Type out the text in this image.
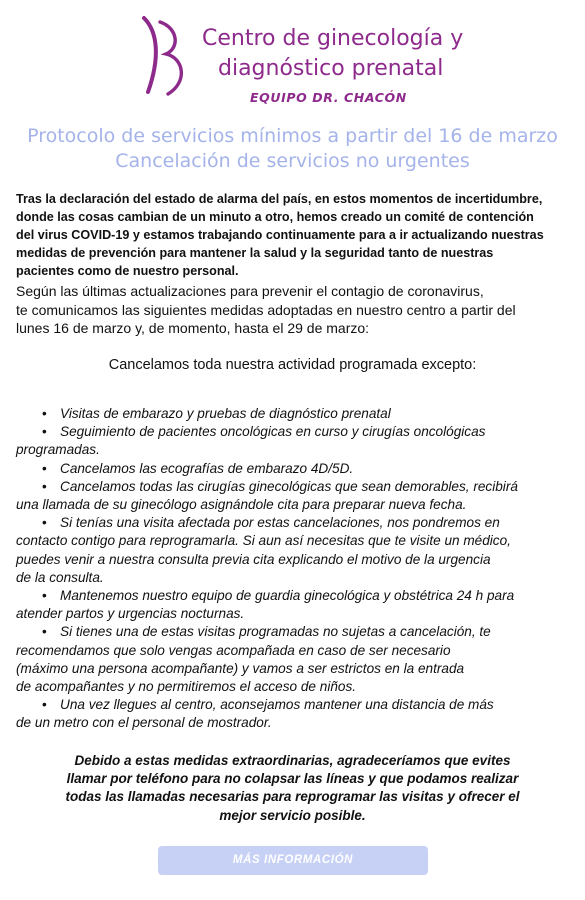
Centro de ginecología y
diagnóstico prenatal
EQUIPO DR. CHACÓN
Protocolo de servicios mínimos a partir del 16 de marzo
Cancelación de servicios no urgentes

Tras la declaración del estado de alarma del país, en estos momentos de incertidumbre,
donde las cosas cambian de un minuto a otro, hemos creado un comité de contención
del virus COVID-19 y estamos trabajando continuamente para a ir actualizando nuestras
medidas de prevención para mantener la salud y la seguridad tanto de nuestras
pacientes como de nuestro personal.

Según las últimas actualizaciones para prevenir el contagio de coronavirus,
te comunicamos las siguientes medidas adoptadas en nuestro centro a partir del
lunes 16 de marzo y, de momento, hasta el 29 de marzo:

Cancelamos toda nuestra actividad programada excepto:
• Visitas de embarazo y pruebas de diagnóstico prenatal
• Seguimiento de pacientes oncológicas en curso y cirugías oncológicas
programadas.
• Cancelamos las ecografías de embarazo 4D/5D.
• Cancelamos todas las cirugías ginecológicas que sean demorables, recibirá
una llamada de su ginecólogo asignándole cita para preparar nueva fecha.
• Si tenías una visita afectada por estas cancelaciones, nos pondremos en
contacto contigo para reprogramarla. Si aun así necesitas que te visite un médico,
puedes venir a nuestra consulta previa cita explicando el motivo de la urgencia
de la consulta.
• Mantenemos nuestro equipo de guardia ginecológica y obstétrica 24 h para
atender partos y urgencias nocturnas.
• Si tienes una de estas visitas programadas no sujetas a cancelación, te
recomendamos que solo vengas acompañada en caso de ser necesario
(máximo una persona acompañante) y vamos a ser estrictos en la entrada
de acompañantes y no permitiremos el acceso de niños.
• Una vez llegues al centro, aconsejamos mantener una distancia de más
de un metro con el personal de mostrador.

Debido a estas medidas extraordinarias, agradeceríamos que evites
llamar por teléfono para no colapsar las líneas y que podamos realizar
todas las llamadas necesarias para reprogramar las visitas y ofrecer el
mejor servicio posible.

MÁS INFORMACIÓN
